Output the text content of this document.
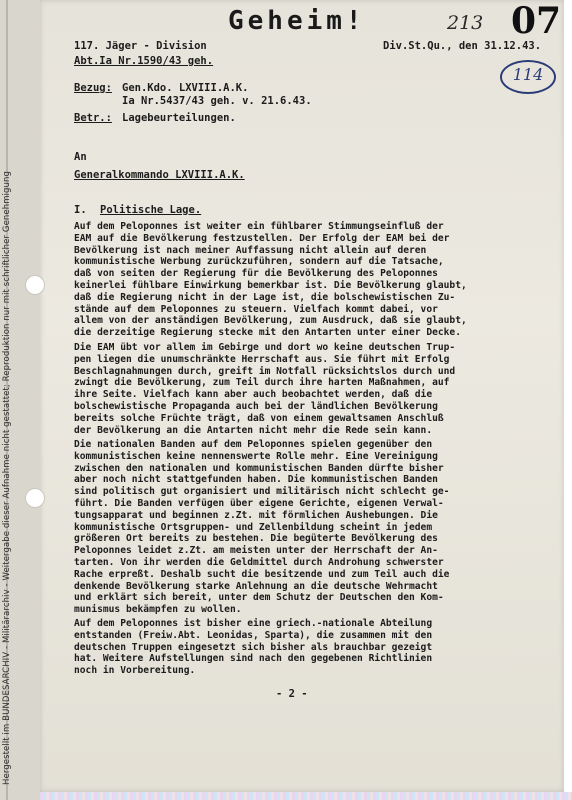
Hergestellt im BUNDESARCHIV - Militärarchiv - Weitergabe dieser Aufnahme nicht gestattet; Reproduktion nur mit schriftlicher Genehmigung
Geheim!	213 07
114
117. Jäger - Division	Div.St.Qu., den 31.12.43.
Abt.Ia Nr.1590/43 geh.
Bezug: Gen.Kdo. LXVIII.A.K.
Ia Nr.5437/43 geh. v. 21.6.43.
Betr.: Lagebeurteilungen.
An
Generalkommando LXVIII.A.K.
I. Politische Lage.
Auf dem Peloponnes ist weiter ein fühlbarer Stimmungseinfluß der
EAM auf die Bevölkerung festzustellen. Der Erfolg der EAM bei der
Bevölkerung ist nach meiner Auffassung nicht allein auf deren
kommunistische Werbung zurückzuführen, sondern auf die Tatsache,
daß von seiten der Regierung für die Bevölkerung des Peloponnes
keinerlei fühlbare Einwirkung bemerkbar ist. Die Bevölkerung glaubt,
daß die Regierung nicht in der Lage ist, die bolschewistischen Zu-
stände auf dem Peloponnes zu steuern. Vielfach kommt dabei, vor
allem von der anständigen Bevölkerung, zum Ausdruck, daß sie glaubt,
die derzeitige Regierung stecke mit den Antarten unter einer Decke.
Die EAM übt vor allem im Gebirge und dort wo keine deutschen Trup-
pen liegen die unumschränkte Herrschaft aus. Sie führt mit Erfolg
Beschlagnahmungen durch, greift im Notfall rücksichtslos durch und
zwingt die Bevölkerung, zum Teil durch ihre harten Maßnahmen, auf
ihre Seite. Vielfach kann aber auch beobachtet werden, daß die
bolschewistische Propaganda auch bei der ländlichen Bevölkerung
bereits solche Früchte trägt, daß von einem gewaltsamen Anschluß
der Bevölkerung an die Antarten nicht mehr die Rede sein kann.
Die nationalen Banden auf dem Peloponnes spielen gegenüber den
kommunistischen keine nennenswerte Rolle mehr. Eine Vereinigung
zwischen den nationalen und kommunistischen Banden dürfte bisher
aber noch nicht stattgefunden haben. Die kommunistischen Banden
sind politisch gut organisiert und militärisch nicht schlecht ge-
führt. Die Banden verfügen über eigene Gerichte, eigenen Verwal-
tungsapparat und beginnen z.Zt. mit förmlichen Aushebungen. Die
kommunistische Ortsgruppen- und Zellenbildung scheint in jedem
größeren Ort bereits zu bestehen. Die begüterte Bevölkerung des
Peloponnes leidet z.Zt. am meisten unter der Herrschaft der An-
tarten. Von ihr werden die Geldmittel durch Androhung schwerster
Rache erpreßt. Deshalb sucht die besitzende und zum Teil auch die
denkende Bevölkerung starke Anlehnung an die deutsche Wehrmacht
und erklärt sich bereit, unter dem Schutz der Deutschen den Kom-
munismus bekämpfen zu wollen.
Auf dem Peloponnes ist bisher eine griech.-nationale Abteilung
entstanden (Freiw.Abt. Leonidas, Sparta), die zusammen mit den
deutschen Truppen eingesetzt sich bisher als brauchbar gezeigt
hat. Weitere Aufstellungen sind nach den gegebenen Richtlinien
noch in Vorbereitung.
- 2 -
